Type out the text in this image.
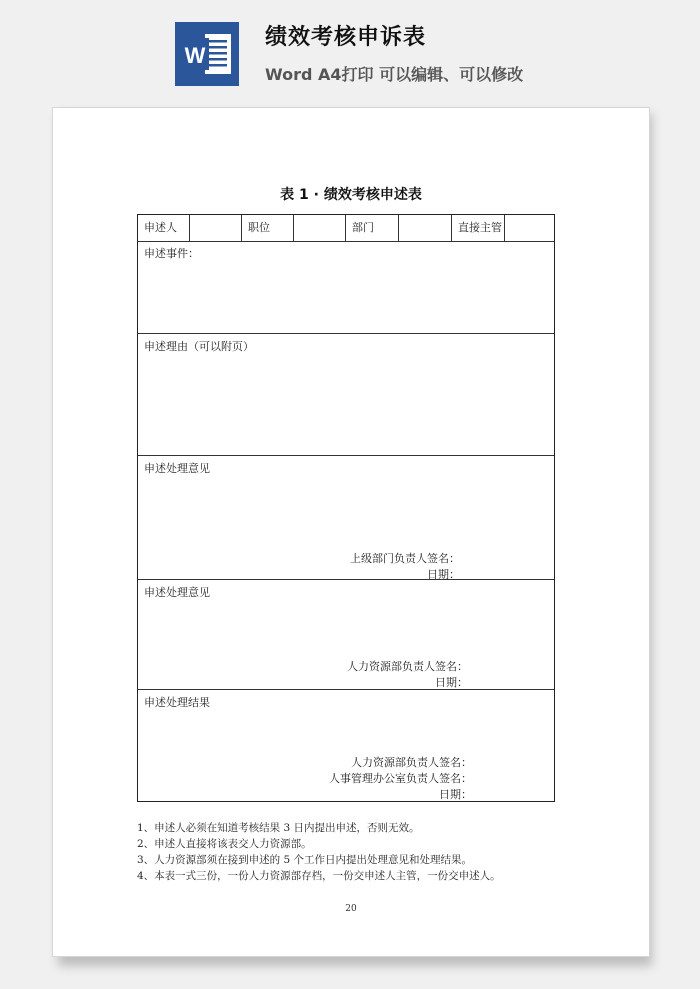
W
绩效考核申诉表
Word A4打印 可以编辑、可以修改
表 1 · 绩效考核申述表
申述人	职位	部门	直接主管
申述事件：
申述理由（可以附页）
申述处理意见
上级部门负责人签名：
日期：
申述处理意见
人力资源部负责人签名：
日期：
申述处理结果
人力资源部负责人签名：
人事管理办公室负责人签名：
日期：
1、申述人必须在知道考核结果 3 日内提出申述，否则无效。
2、申述人直接将该表交人力资源部。
3、人力资源部须在接到申述的 5 个工作日内提出处理意见和处理结果。
4、本表一式三份，一份人力资源部存档，一份交申述人主管，一份交申述人。
20
